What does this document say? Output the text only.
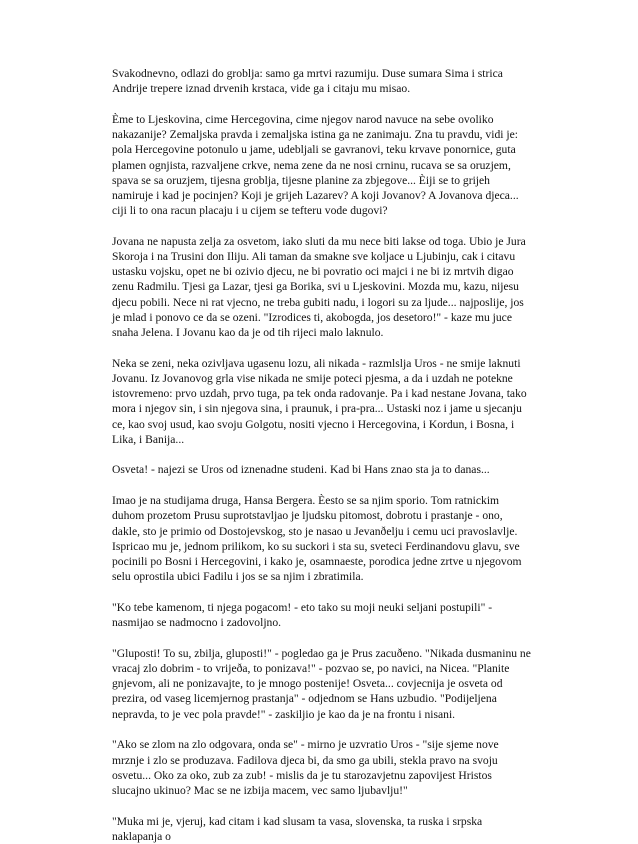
Svakodnevno, odlazi do groblja: samo ga mrtvi razumiju. Duse sumara Sima i strica Andrije trepere iznad drvenih krstaca, vide ga i citaju mu misao.

Ème to Ljeskovina, cime Hercegovina, cime njegov narod navuce na sebe ovoliko nakazanije? Zemaljska pravda i zemaljska istina ga ne zanimaju. Zna tu pravdu, vidi je: pola Hercegovine potonulo u jame, udebljali se gavranovi, teku krvave ponornice, guta plamen ognjista, razvaljene crkve, nema zene da ne nosi crninu, rucava se sa oruzjem, spava se sa oruzjem, tijesna groblja, tijesne planine za zbjegove... Èiji se to grijeh namiruje i kad je pocinjen? Koji je grijeh Lazarev? A koji Jovanov? A Jovanova djeca... ciji li to ona racun placaju i u cijem se tefteru vode dugovi?

Jovana ne napusta zelja za osvetom, iako sluti da mu nece biti lakse od toga. Ubio je Jura Skoroja i na Trusini don Iliju. Ali taman da smakne sve koljace u Ljubinju, cak i citavu ustasku vojsku, opet ne bi ozivio djecu, ne bi povratio oci majci i ne bi iz mrtvih digao zenu Radmilu. Tjesi ga Lazar, tjesi ga Borika, svi u Ljeskovini. Mozda mu, kazu, nijesu djecu pobili. Nece ni rat vjecno, ne treba gubiti nadu, i logori su za ljude... najposlije, jos je mlad i ponovo ce da se ozeni. "Izrodices ti, akobogda, jos desetoro!" - kaze mu juce snaha Jelena. I Jovanu kao da je od tih rijeci malo laknulo.

Neka se zeni, neka ozivljava ugasenu lozu, ali nikada - razmlslja Uros - ne smije laknuti Jovanu. Iz Jovanovog grla vise nikada ne smije poteci pjesma, a da i uzdah ne potekne istovremeno: prvo uzdah, prvo tuga, pa tek onda radovanje. Pa i kad nestane Jovana, tako mora i njegov sin, i sin njegova sina, i praunuk, i pra-pra... Ustaski noz i jame u sjecanju ce, kao svoj usud, kao svoju Golgotu, nositi vjecno i Hercegovina, i Kordun, i Bosna, i Lika, i Banija...

Osveta! - najezi se Uros od iznenadne studeni. Kad bi Hans znao sta ja to danas...

Imao je na studijama druga, Hansa Bergera. Èesto se sa njim sporio. Tom ratnickim duhom prozetom Prusu suprotstavljao je ljudsku pitomost, dobrotu i prastanje - ono, dakle, sto je primio od Dostojevskog, sto je nasao u Jevanðelju i cemu uci pravoslavlje. Ispricao mu je, jednom prilikom, ko su suckori i sta su, sveteci Ferdinandovu glavu, sve pocinili po Bosni i Hercegovini, i kako je, osamnaeste, porodica jedne zrtve u njegovom selu oprostila ubici Fadilu i jos se sa njim i zbratimila.

"Ko tebe kamenom, ti njega pogacom! - eto tako su moji neuki seljani postupili" - nasmijao se nadmocno i zadovoljno.

"Gluposti! To su, zbilja, gluposti!" - pogledao ga je Prus zacuðeno. "Nikada dusmaninu ne vracaj zlo dobrim - to vrijeða, to ponizava!" - pozvao se, po navici, na Nicea. "Planite gnjevom, ali ne ponizavajte, to je mnogo postenije! Osveta... covjecnija je osveta od prezira, od vaseg licemjernog prastanja" - odjednom se Hans uzbudio. "Podijeljena nepravda, to je vec pola pravde!" - zaskiljio je kao da je na frontu i nisani.

"Ako se zlom na zlo odgovara, onda se" - mirno je uzvratio Uros - "sije sjeme nove mrznje i zlo se produzava. Fadilova djeca bi, da smo ga ubili, stekla pravo na svoju osvetu... Oko za oko, zub za zub! - mislis da je tu starozavjetnu zapovijest Hristos slucajno ukinuo? Mac se ne izbija macem, vec samo ljubavlju!"

"Muka mi je, vjeruj, kad citam i kad slusam ta vasa, slovenska, ta ruska i srpska naklapanja o
